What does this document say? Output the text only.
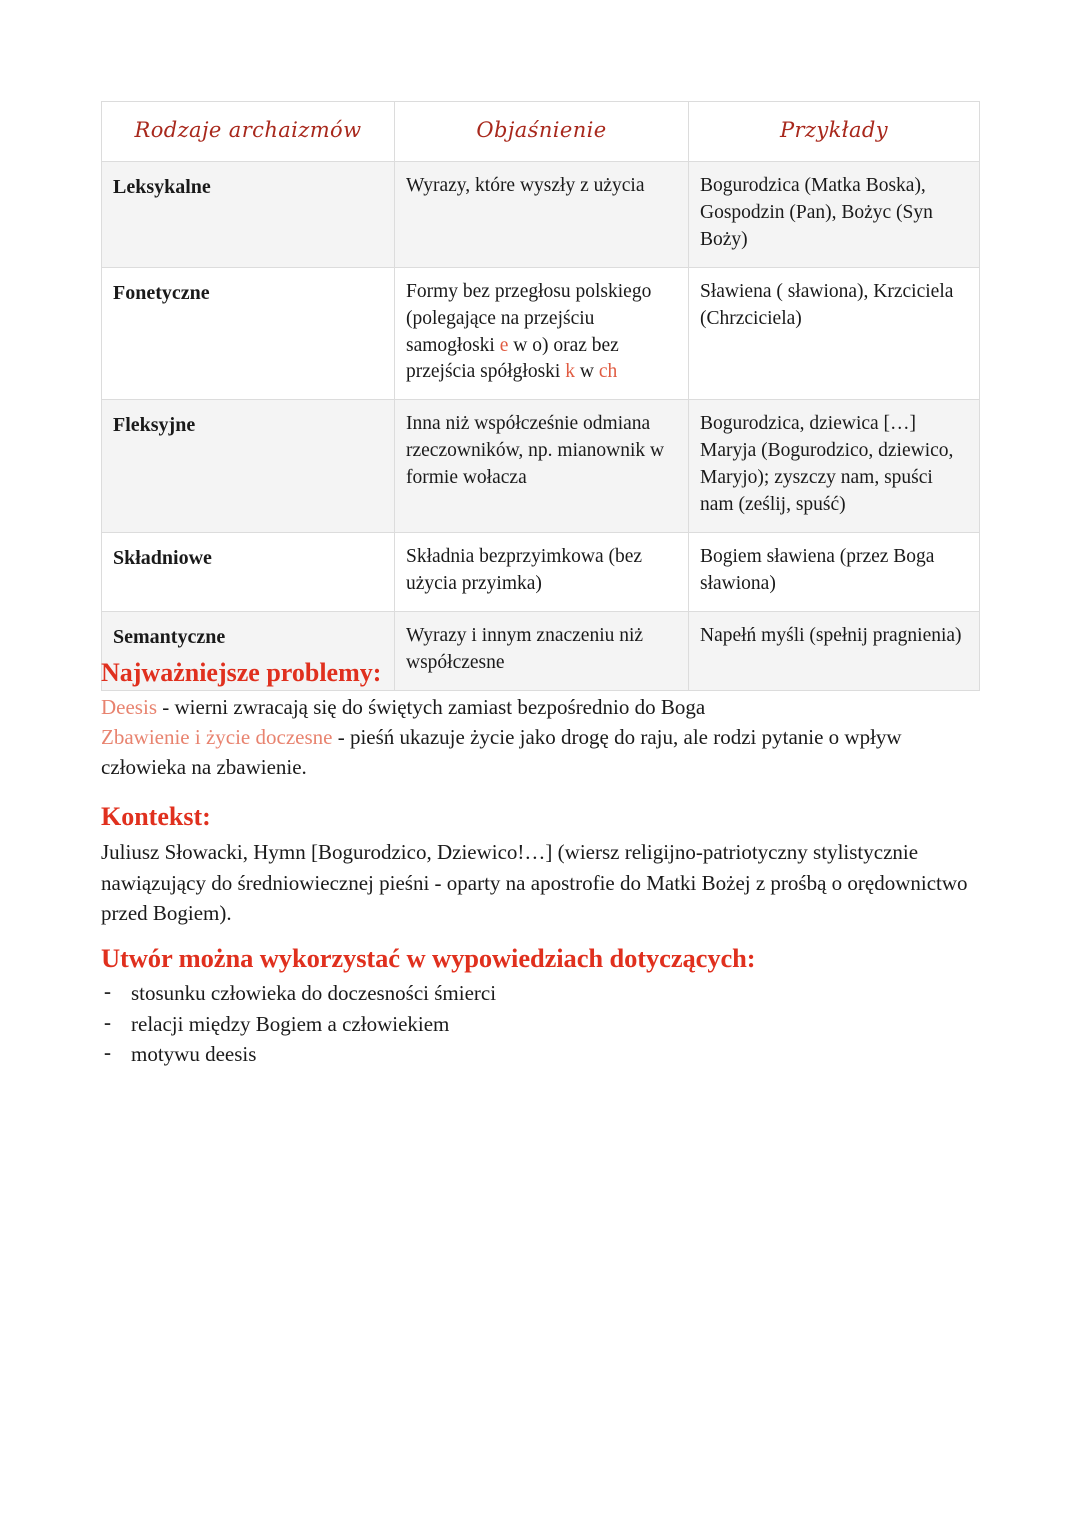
Rodzaje archaizmów	Objaśnienie	Przykłady
Leksykalne	Wyrazy, które wyszły z użycia	Bogurodzica (Matka Boska), Gospodzin (Pan), Bożyc (Syn Boży)
Fonetyczne	Formy bez przegłosu polskiego (polegające na przejściu samogłoski e w o) oraz bez przejścia spółgłoski k w ch	Sławiena ( sławiona), Krzciciela (Chrzciciela)
Fleksyjne	Inna niż współcześnie odmiana rzeczowników, np. mianownik w formie wołacza	Bogurodzica, dziewica […] Maryja (Bogurodzico, dziewico, Maryjo); zyszczy nam, spuści nam (ześlij, spuść)
Składniowe	Składnia bezprzyimkowa (bez użycia przyimka)	Bogiem sławiena (przez Boga sławiona)
Semantyczne	Wyrazy i innym znaczeniu niż współczesne	Napełń myśli (spełnij pragnienia)
Najważniejsze problemy:

Deesis - wierni zwracają się do świętych zamiast bezpośrednio do Boga

Zbawienie i życie doczesne - pieśń ukazuje życie jako drogę do raju, ale rodzi pytanie o wpływ człowieka na zbawienie.

Kontekst:

Juliusz Słowacki, Hymn [Bogurodzico, Dziewico!…] (wiersz religijno-patriotyczny stylistycznie nawiązujący do średniowiecznej pieśni - oparty na apostrofie do Matki Bożej z prośbą o orędownictwo przed Bogiem).

Utwór można wykorzystać w wypowiedziach dotyczących:
- stosunku człowieka do doczesności śmierci
- relacji między Bogiem a człowiekiem
- motywu deesis
